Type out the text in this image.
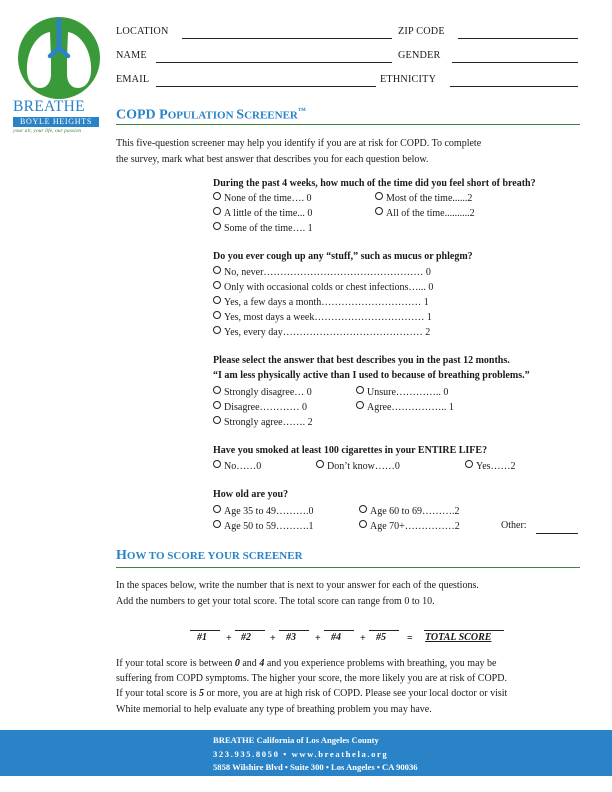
BREATHE
BOYLE HEIGHTS
your air, your life, our passion
LOCATION	ZIP CODE
NAME	GENDER
EMAIL	ETHNICITY
COPD POPULATION SCREENER™
This five-question screener may help you identify if you are at risk for COPD. To complete
the survey, mark what best answer that describes you for each question below.
During the past 4 weeks, how much of the time did you feel short of breath?
None of the time…. 0	Most of the time......2
A little of the time... 0	All of the time..........2
Some of the time…. 1
Do you ever cough up any “stuff,” such as mucus or phlegm?
No, never………………………………………… 0
Only with occasional colds or chest infections…... 0
Yes, a few days a month………………………… 1
Yes, most days a week…………………………… 1
Yes, every day…………………………………… 2
Please select the answer that best describes you in the past 12 months.
“I am less physically active than I used to because of breathing problems.”
Strongly disagree… 0	Unsure………….. 0
Disagree………… 0	Agree…………….. 1
Strongly agree……. 2
Have you smoked at least 100 cigarettes in your ENTIRE LIFE?
No……0	Don’t know……0	Yes……2
How old are you?
Age 35 to 49……….0	Age 60 to 69……….2
Age 50 to 59……….1	Age 70+……………2	Other:
HOW TO SCORE YOUR SCREENER
In the spaces below, write the number that is next to your answer for each of the questions.
Add the numbers to get your total score. The total score can range from 0 to 10.
#1 + #2 + #3 + #4 + #5 = TOTAL SCORE
If your total score is between 0 and 4 and you experience problems with breathing, you may be
suffering from COPD symptoms. The higher your score, the more likely you are at risk of COPD.
If your total score is 5 or more, you are at high risk of COPD. Please see your local doctor or visit
White memorial to help evaluate any type of breathing problem you may have.
BREATHE California of Los Angeles County
323.935.8050 • www.breathela.org
5858 Wilshire Blvd • Suite 300 • Los Angeles • CA 90036
